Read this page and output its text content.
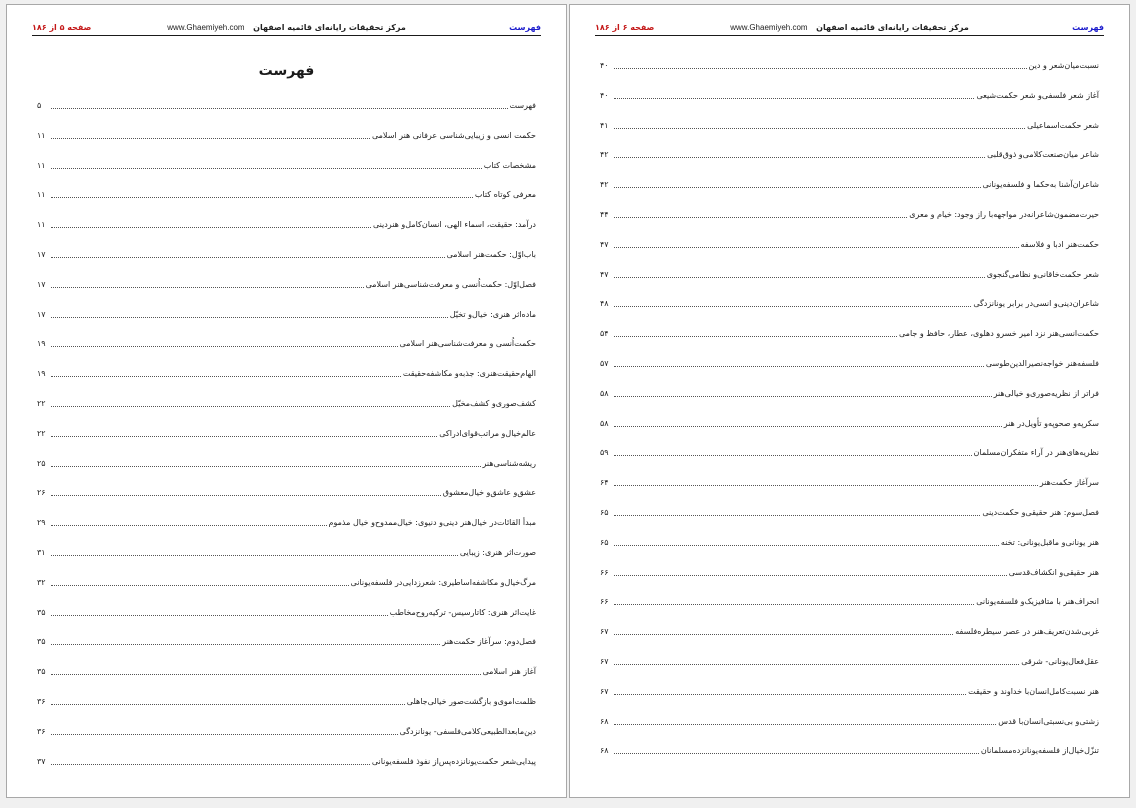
فهرست
مرکز تحقیقات رایانه‌ای قائمیه اصفهان www.Ghaemiyeh.com
صفحه ۵ از ۱۸۶
فهرست
فهرست
۵
حکمت انسی و زیبایی‌شناسی عرفانی هنر اسلامی
۱۱
مشخصات کتاب
۱۱
معرفی کوتاه کتاب
۱۱
درآمد: حقیقت، اسماء الهی، انسان‌کامل‌و هنردینی
۱۱
باب‌اوّل: حکمت‌هنر اسلامی
۱۷
فصل‌اوّل: حکمت‌اُنسی و معرفت‌شناسی‌هنر اسلامی
۱۷
ماده‌اثر هنری: خیال‌و تخیّل
۱۷
حکمت‌اُنسی و معرفت‌شناسی‌هنر اسلامی
۱۹
الهام‌حقیقت‌هنری: جذبه‌و مکاشفه‌حقیقت
۱۹
کشف‌صوری‌و کشف‌مخیّل
۲۲
عالم‌خیال‌و مراتب‌قوای‌ادراکی
۲۲
ریشه‌شناسی‌هنر
۲۵
عشق‌و عاشق‌و خیال‌معشوق
۲۶
مبدأ القائات‌در خیال‌هنر دینی‌و دنیوی: خیال‌ممدوح‌و خیال مذموم
۲۹
صورت‌اثر هنری: زیبایی
۳۱
مرگ‌خیال‌و مکاشفه‌اساطیری: شعرزدایی‌در فلسفه‌یونانی
۳۲
غایت‌اثر هنری: کاتارسیس- ترکیه‌روح‌مخاطب
۳۵
فصل‌دوم: سرآغاز حکمت‌هنر
۳۵
آغاز هنر اسلامی
۳۵
ظلمت‌اموی‌و بازگشت‌صور خیالی‌جاهلی
۳۶
دین‌مابعدالطبیعی‌کلامی‌فلسفی- یونانزدگی
۳۶
پیدایی‌شعر حکمت‌یونانزده‌پس‌از نفوذ فلسفه‌یونانی
۳۷
فهرست
مرکز تحقیقات رایانه‌ای قائمیه اصفهان www.Ghaemiyeh.com
صفحه ۶ از ۱۸۶
نسبت‌میان‌شعر و دین
۴۰
آغاز شعر فلسفی‌و شعر حکمت‌شیعی
۴۰
شعر حکمت‌اسماعیلی
۴۱
شاعر میان‌صنعت‌کلامی‌و ذوق‌قلبی
۴۲
شاعران‌آشنا به‌حکما و فلسفه‌یونانی
۴۲
حیرت‌مضمون‌شاعرانه‌در مواجهه‌با راز وجود: خیام و معری
۴۴
حکمت‌هنر ادبا و فلاسفه
۴۷
شعر حکمت‌خاقانی‌و نظامی‌گنجوی
۴۷
شاعران‌دینی‌و انسی‌در برابر یونانزدگی
۴۸
حکمت‌انسی‌هنر نزد امیر خسرو دهلوی، عطار، حافظ و جامی
۵۴
فلسفه‌هنر خواجه‌نصیرالدین‌طوسی
۵۷
فراتر از نظریه‌صوری‌و خیالی‌هنر
۵۸
سکرپه‌و صحوپه‌و تأویل‌در هنر
۵۸
نظریه‌های‌هنر در آراء متفکران‌مسلمان
۵۹
سرآغاز حکمت‌هنر
۶۴
فصل‌سوم: هنر حقیقی‌و حکمت‌دینی
۶۵
هنر یونانی‌و ماقبل‌یونانی: تخنه
۶۵
هنر حقیقی‌و انکشاف‌قدسی
۶۶
انحراف‌هنر با متافیزیک‌و فلسفه‌یونانی
۶۶
غربی‌شدن‌تعریف‌هنر در عصر سیطره‌فلسفه
۶۷
عقل‌فعال‌یونانی- شرقی
۶۷
هنر نسبت‌کامل‌انسان‌با خداوند و حقیقت
۶۷
زشتی‌و بی‌نسبتی‌انسان‌با قدس
۶۸
تنزّل‌خیال‌از فلسفه‌یونانزده‌مسلمانان
۶۸
